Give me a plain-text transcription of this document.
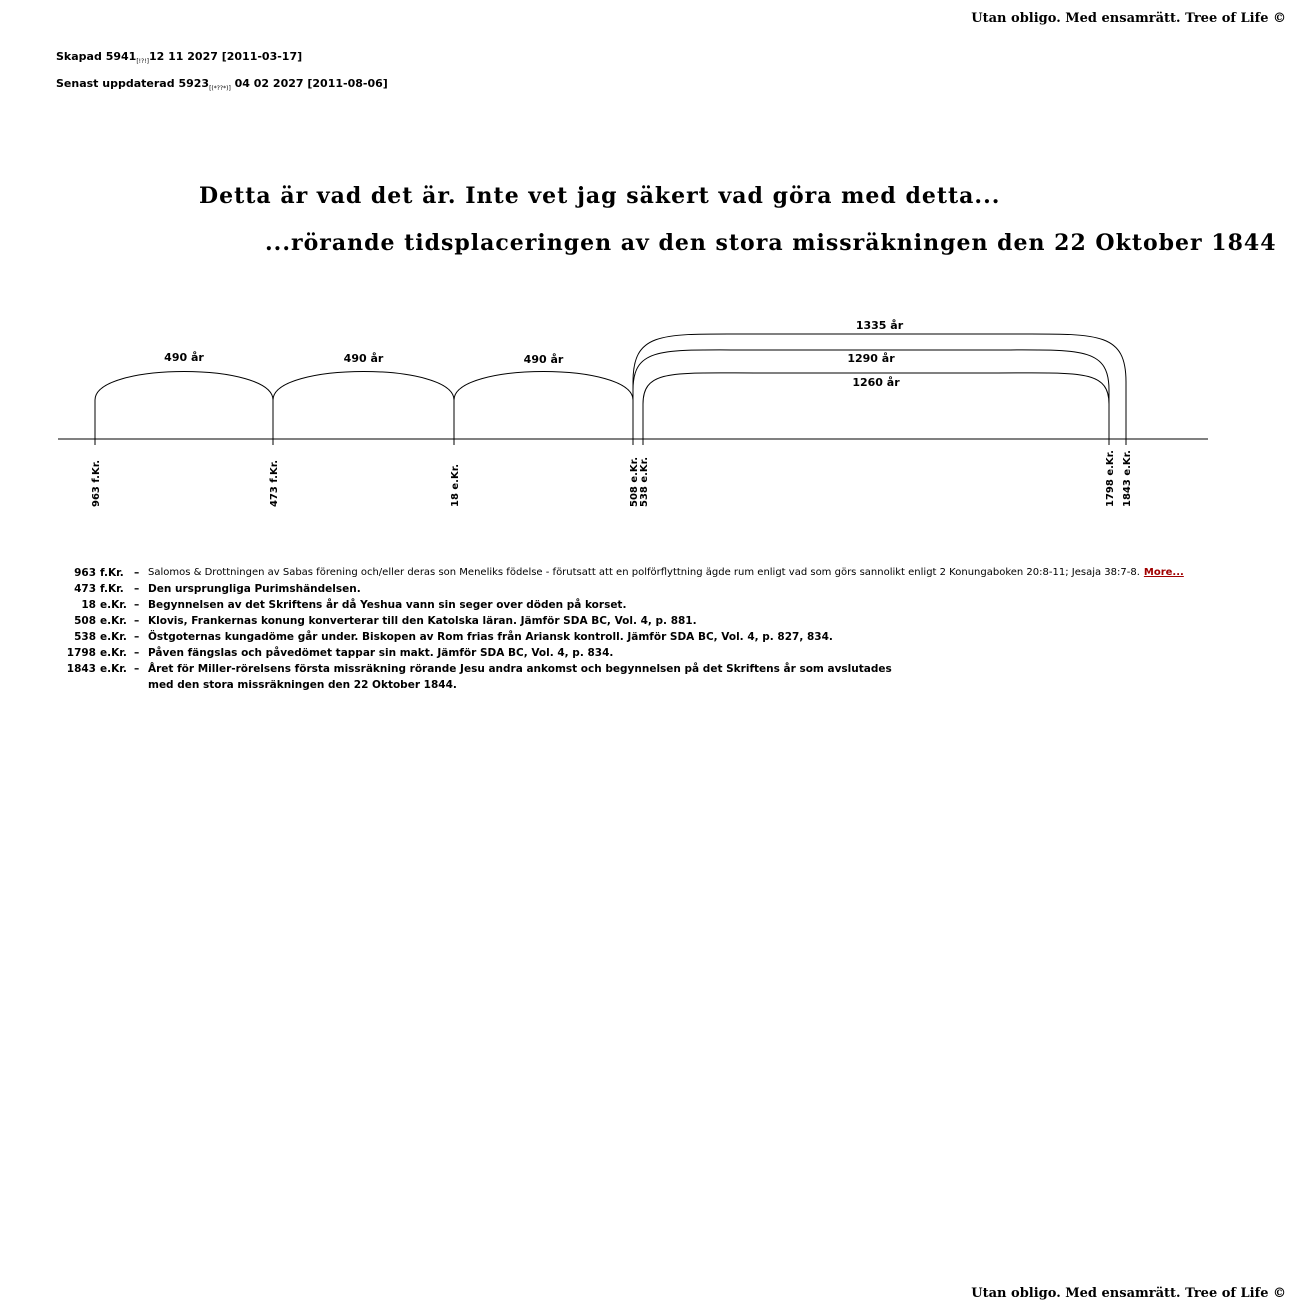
Utan obligo. Med ensamrätt. Tree of Life ©
Skapad $5941_{[!?!]}12$ 11 2027 [2011-03-17]
Senast uppdaterad $5923_{[(*??*)]}$ 04 02 2027 [2011-08-06]
Detta är vad det är. Inte vet jag säkert vad göra med detta...
...rörande tidsplaceringen av den stora missräkningen den 22 Oktober 1844
963 f.Kr.	473 f.Kr.	18 e.Kr.	508 e.Kr. 538 e.Kr.	1798 e.Kr. 1843 e.Kr.
490 år	490 år	490 år
1335 år
1290 år
1260 år
963 f.Kr. – Salomos & Drottningen av Sabas förening och/eller deras son Meneliks födelse - förutsatt att en polförflyttning ägde rum enligt vad som görs sannolikt enligt 2 Konungaboken 20:8-11; Jesaja 38:7-8. More...
473 f.Kr. – Den ursprungliga Purimshändelsen.
18 e.Kr. – Begynnelsen av det Skriftens år då Yeshua vann sin seger over döden på korset.
508 e.Kr. – Klovis, Frankernas konung konverterar till den Katolska läran. Jämför SDA BC, Vol. 4, p. 881.
538 e.Kr. – Östgoternas kungadöme går under. Biskopen av Rom frias från Ariansk kontroll. Jämför SDA BC, Vol. 4, p. 827, 834.
1798 e.Kr. – Påven fängslas och påvedömet tappar sin makt. Jämför SDA BC, Vol. 4, p. 834.
1843 e.Kr. – Året för Miller-rörelsens första missräkning rörande Jesu andra ankomst och begynnelsen på det Skriftens år som avslutades
med den stora missräkningen den 22 Oktober 1844.
Utan obligo. Med ensamrätt. Tree of Life ©
